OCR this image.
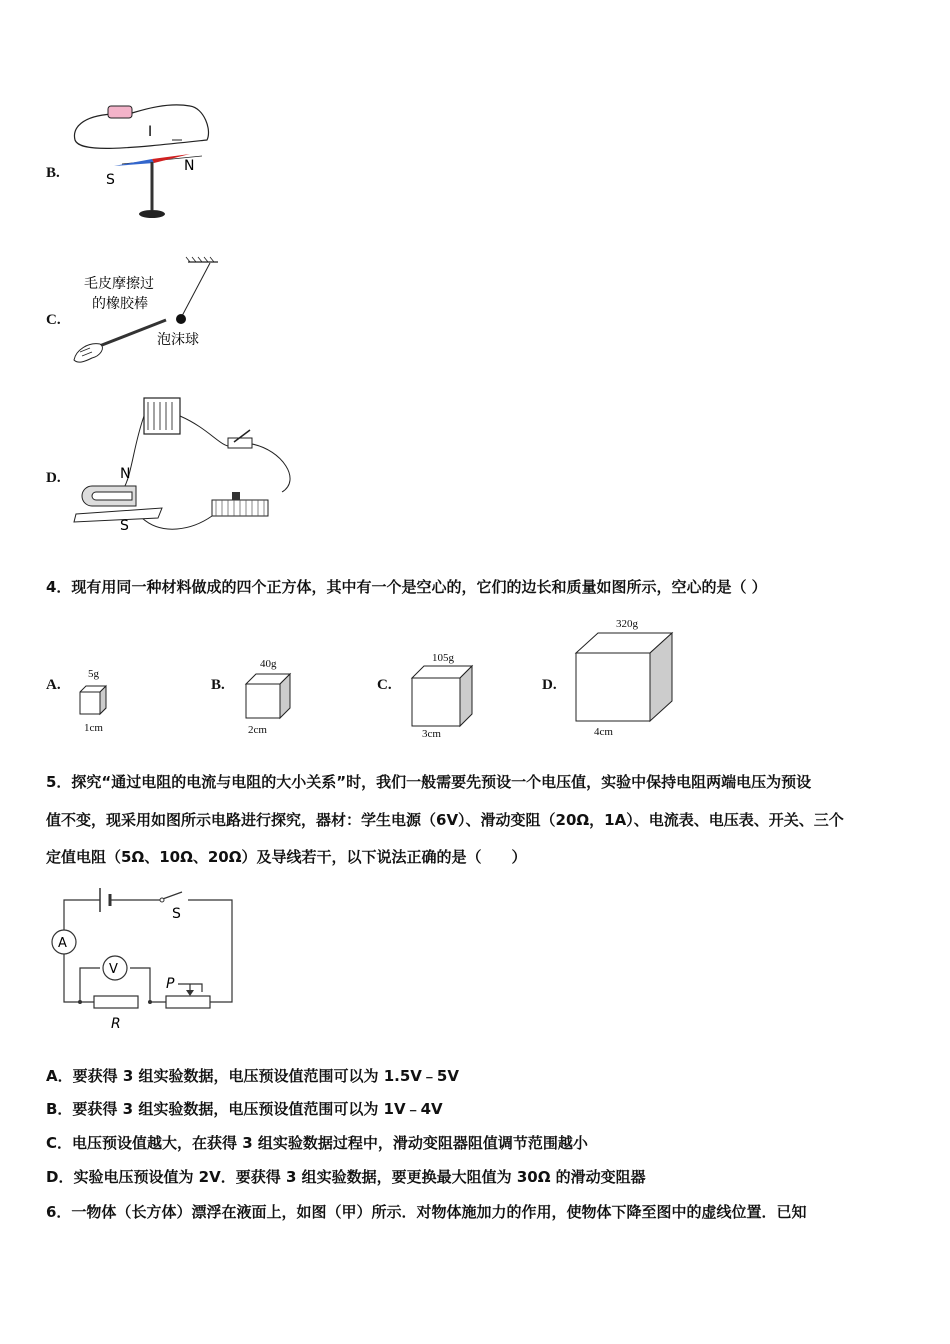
B.
I
S
N
C.
毛皮摩擦过
的橡胶棒
泡沫球
D.	N
S
4．现有用同一种材料做成的四个正方体，其中有一个是空心的，它们的边长和质量如图所示，空心的是（ ）
A.
5g
1cm
B.
40g
2cm
C.
105g
3cm
D.
320g
4cm
5．探究“通过电阻的电流与电阻的大小关系”时，我们一般需要先预设一个电压值，实验中保持电阻两端电压为预设
值不变，现采用如图所示电路进行探究，器材：学生电源（6V）、滑动变阻（20Ω，1A）、电流表、电压表、开关、三个
定值电阻（5Ω、10Ω、20Ω）及导线若干，以下说法正确的是（　　）
A
V
S
P
R
A．要获得 3 组实验数据，电压预设值范围可以为 1.5V﹣5V
B．要获得 3 组实验数据，电压预设值范围可以为 1V﹣4V
C．电压预设值越大，在获得 3 组实验数据过程中，滑动变阻器阻值调节范围越小
D．实验电压预设值为 2V．要获得 3 组实验数据，要更换最大阻值为 30Ω 的滑动变阻器
6．一物体（长方体）漂浮在液面上，如图（甲）所示．对物体施加力的作用，使物体下降至图中的虚线位置．已知
